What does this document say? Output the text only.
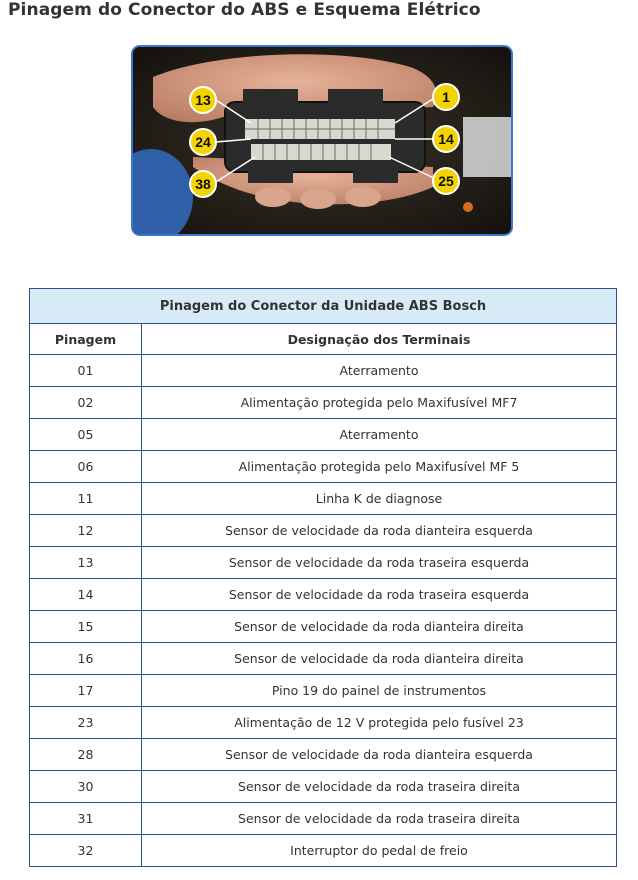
Pinagem do Conector do ABS e Esquema Elétrico
13	1
24	14
38	25
Pinagem do Conector da Unidade ABS Bosch	
Pinagem	Designação dos Terminais
01	Aterramento
02	Alimentação protegida pelo Maxifusível MF7
05	Aterramento
06	Alimentação protegida pelo Maxifusível MF 5
11	Linha K de diagnose
12	Sensor de velocidade da roda dianteira esquerda
13	Sensor de velocidade da roda traseira esquerda
14	Sensor de velocidade da roda traseira esquerda
15	Sensor de velocidade da roda dianteira direita
16	Sensor de velocidade da roda dianteira direita
17	Pino 19 do painel de instrumentos
23	Alimentação de 12 V protegida pelo fusível 23
28	Sensor de velocidade da roda dianteira esquerda
30	Sensor de velocidade da roda traseira direita
31	Sensor de velocidade da roda traseira direita
32	Interruptor do pedal de freio
